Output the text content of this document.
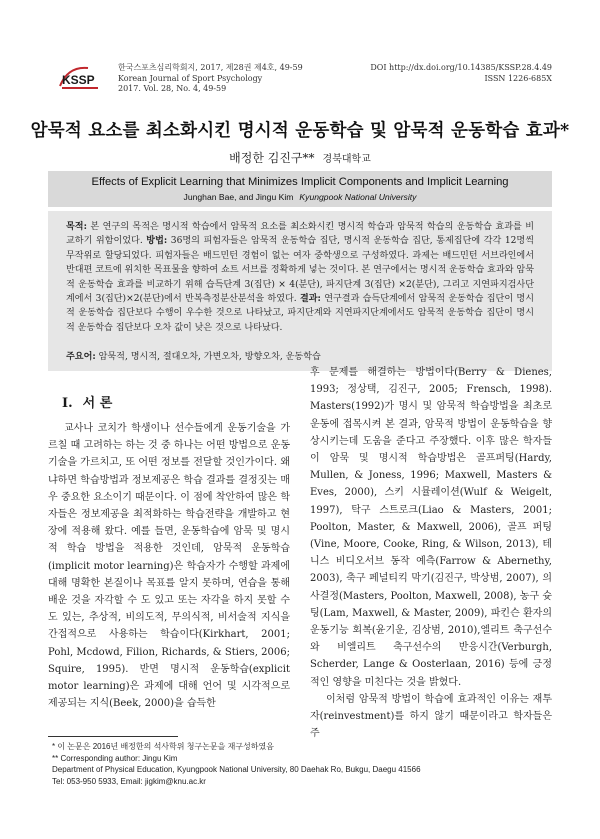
KSSP
한국스포츠심리학회지, 2017, 제28권 제4호, 49-59
Korean Journal of Sport Psychology
2017. Vol. 28, No. 4, 49-59
DOI http://dx.doi.org/10.14385/KSSP.28.4.49
ISSN 1226-685X
암묵적 요소를 최소화시킨 명시적 운동학습 및 암묵적 운동학습 효과*
배정한 김진구** 경북대학교
Effects of Explicit Learning that Minimizes Implicit Components and Implicit Learning
Junghan Bae, and Jingu Kim Kyungpook National University
목적: 본 연구의 목적은 명시적 학습에서 암묵적 요소를 최소화시킨 명시적 학습과 암묵적 학습의 운동학습 효과를 비교하기 위함이었다. 방법: 36명의 피험자들은 암묵적 운동학습 집단, 명시적 운동학습 집단, 통제집단에 각각 12명씩 무작위로 할당되었다. 피험자들은 배드민턴 경험이 없는 여자 중학생으로 구성하였다. 과제는 배드민턴 서브라인에서 반대편 코트에 위치한 목표물을 향하여 쇼트 서브를 정확하게 넣는 것이다. 본 연구에서는 명시적 운동학습 효과와 암묵적 운동학습 효과를 비교하기 위해 습득단계 3(집단) × 4(분단), 파지단계 3(집단) ×2(분단), 그리고 지연파지검사단계에서 3(집단)×2(분단)에서 반복측정분산분석을 하였다. 결과: 연구결과 습득단계에서 암묵적 운동학습 집단이 명시적 운동학습 집단보다 수행이 우수한 것으로 나타났고, 파지단계와 지연파지단계에서도 암묵적 운동학습 집단이 명시적 운동학습 집단보다 오차 값이 낮은 것으로 나타났다.
주요어: 암묵적, 명시적, 절대오차, 가변오차, 방향오차, 운동학습
I. 서 론

교사나 코치가 학생이나 선수들에게 운동기술을 가르칠 때 고려하는 하는 것 중 하나는 어떤 방법으로 운동기술을 가르치고, 또 어떤 정보를 전달할 것인가이다. 왜냐하면 학습방법과 정보제공은 학습 결과를 결정짓는 매우 중요한 요소이기 때문이다. 이 점에 착안하여 많은 학자들은 정보제공을 최적화하는 학습전략을 개발하고 현장에 적용해 왔다. 예를 들면, 운동학습에 암묵 및 명시적 학습 방법을 적용한 것인데, 암묵적 운동학습(implicit motor learning)은 학습자가 수행할 과제에 대해 명확한 본질이나 목표를 알지 못하며, 연습을 통해 배운 것을 자각할 수 도 있고 또는 자각을 하지 못할 수도 있는, 추상적, 비의도적, 무의식적, 비서술적 지식을 간접적으로 사용하는 학습이다(Kirkhart, 2001; Pohl, Mcdowd, Filion, Richards, & Stiers, 2006; Squire, 1995). 반면 명시적 운동학습(explicit motor learning)은 과제에 대해 언어 및 시각적으로 제공되는 지식(Beek, 2000)을 습득한

후 문제를 해결하는 방법이다(Berry & Dienes, 1993; 정상택, 김진구, 2005; Frensch, 1998). Masters(1992)가 명시 및 암묵적 학습방법을 최초로 운동에 접목시켜 본 결과, 암묵적 방법이 운동학습을 향상시키는데 도움을 준다고 주장했다. 이후 많은 학자들이 암묵 및 명시적 학습방법은 골프퍼팅(Hardy, Mullen, & Joness, 1996; Maxwell, Masters & Eves, 2000), 스키 시뮬레이션(Wulf & Weigelt, 1997), 탁구 스트로크(Liao & Masters, 2001; Poolton, Master, & Maxwell, 2006), 골프 퍼팅(Vine, Moore, Cooke, Ring, & Wilson, 2013), 테니스 비디오서브 동작 예측(Farrow & Abernethy, 2003), 축구 페널티킥 막기(김진구, 박상범, 2007), 의사결정(Masters, Poolton, Maxwell, 2008), 농구 슛팅(Lam, Maxwell, & Master, 2009), 파킨슨 환자의 운동기능 회복(윤기운, 김상범, 2010),엘리트 축구선수와 비엘리트 축구선수의 반응시간(Verburgh, Scherder, Lange & Oosterlaan, 2016) 등에 긍정적인 영향을 미친다는 것을 밝혔다.

이처럼 암묵적 방법이 학습에 효과적인 이유는 재투자(reinvestment)를 하지 않기 때문이라고 학자들은 주

* 이 논문은 2016년 배정한의 석사학위 청구논문을 재구성하였음
** Corresponding author: Jingu Kim
Department of Physical Education, Kyungpook National University, 80 Daehak Ro, Bukgu, Daegu 41566
Tel: 053-950 5933, Email: jigkim@knu.ac.kr
